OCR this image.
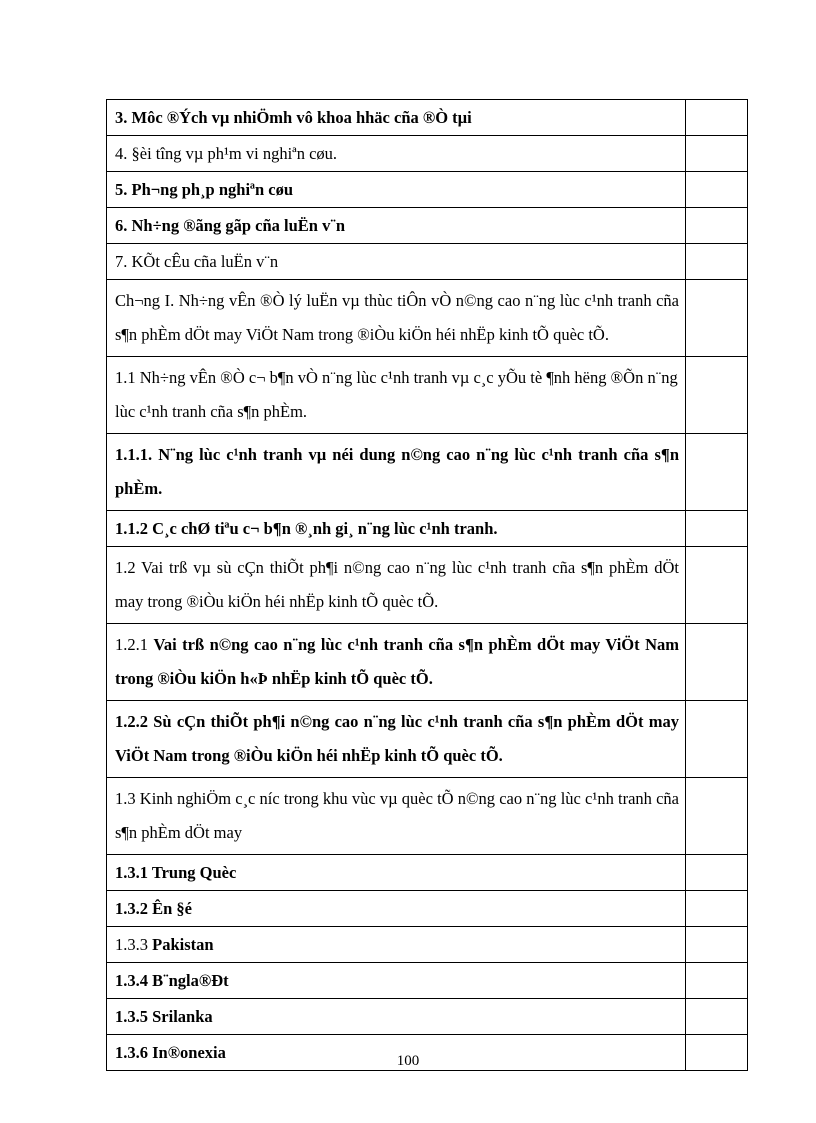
3. Môc ®Ých vµ nhiÖmh vô khoa hhäc cña ®Ò tµi	
4. §èi tîng vµ ph¹m vi nghiªn cøu.	
5. Ph¬ng ph¸p nghiªn cøu	
6. Nh÷ng ®ãng gãp cña luËn v¨n	
7. KÕt cÊu cña luËn v¨n	
Ch¬ng I. Nh÷ng vÊn ®Ò lý luËn vµ thùc tiÔn vÒ n©ng cao n¨ng lùc c¹nh tranh cña s¶n phÈm dÖt may ViÖt Nam trong ®iÒu kiÖn héi nhËp kinh tÕ quèc tÕ.	
1.1 Nh÷ng vÊn ®Ò c¬ b¶n vÒ n¨ng lùc c¹nh tranh vµ c¸c yÕu tè ¶nh hëng ®Õn n¨ng lùc c¹nh tranh cña s¶n phÈm.	
1.1.1. N¨ng lùc c¹nh tranh vµ néi dung n©ng cao n¨ng lùc c¹nh tranh cña s¶n phÈm.	
1.1.2 C¸c chØ tiªu c¬ b¶n ®¸nh gi¸ n¨ng lùc c¹nh tranh.	
1.2 Vai trß vµ sù cÇn thiÕt ph¶i n©ng cao n¨ng lùc c¹nh tranh cña s¶n phÈm dÖt may trong ®iÒu kiÖn héi nhËp kinh tÕ quèc tÕ.	
1.2.1 Vai trß n©ng cao n¨ng lùc c¹nh tranh cña s¶n phÈm dÖt may ViÖt Nam trong ®iÒu kiÖn h«Þ nhËp kinh tÕ quèc tÕ.	
1.2.2 Sù cÇn thiÕt ph¶i n©ng cao n¨ng lùc c¹nh tranh cña s¶n phÈm dÖt may ViÖt Nam trong ®iÒu kiÖn héi nhËp kinh tÕ quèc tÕ.	
1.3 Kinh nghiÖm c¸c níc trong khu vùc vµ quèc tÕ n©ng cao n¨ng lùc c¹nh tranh cña s¶n phÈm dÖt may	
1.3.1 Trung Quèc	
1.3.2 Ên §é	
1.3.3 Pakistan	
1.3.4 B¨ngla®Ðt	
1.3.5 Srilanka	
1.3.6 In®onexia		100
